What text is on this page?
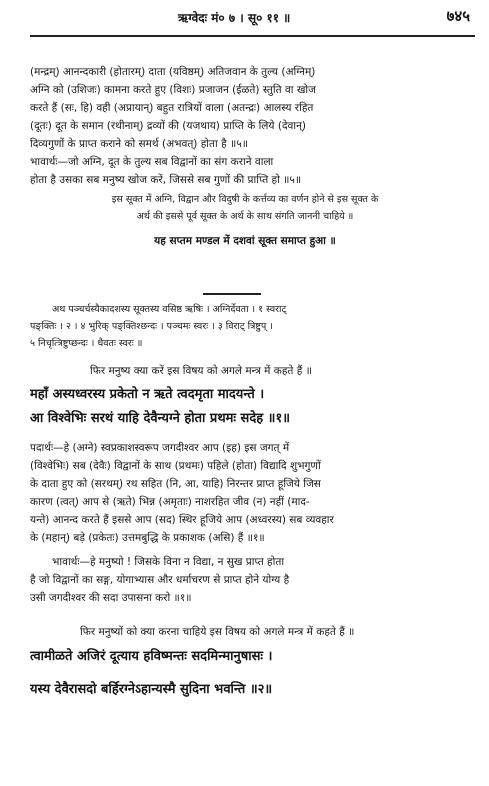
ऋग्वेदः मं० ७ । सू० ११ ॥	७४५
(मन्द्रम्) आनन्दकारी (होतारम्) दाता (यविष्ठम्) अतिजवान के तुल्य (अग्निम्)
अग्नि को (उशिजः) कामना करते हुए (विशः) प्रजाजन (ईळते) स्तुति वा खोज
करते हैं (सः, हि) वही (अप्रायान्) बहुत रात्रियों वाला (अतन्द्रः) आलस्य रहित
(दूतः) दूत के समान (रथीनाम्) द्रव्यों की (यजथाय) प्राप्ति के लिये (देवान्)
दिव्यगुणों के प्राप्त कराने को समर्थ (अभवत्) होता है ॥५॥
भावार्थः—जो अग्नि, दूत के तुल्य सब विद्वानों का संग कराने वाला
होता है उसका सब मनुष्य खोज करें, जिससे सब गुणों की प्राप्ति हो ॥५॥
इस सूक्त में अग्नि, विद्वान और विदुषी के कर्त्तव्य का वर्णन होने से इस सूक्त के
अर्थ की इससे पूर्व सूक्त के अर्थ के साथ संगति जाननी चाहिये ॥
यह सप्तम मण्डल में दशवां सूक्त समाप्त हुआ ॥
अथ पञ्चर्चस्यैकादशस्य सूक्तस्य वसिष्ठ ऋषिः । अग्निर्देवता । १ स्वराट्
पङ्क्तिः । २ । ४ भुरिक् पङ्क्तिश्छन्दः । पञ्चमः स्वरः । ३ विराट् त्रिष्टुप् ।
५ निचृत्त्रिष्टुप्छन्दः । धैवतः स्वरः ॥
फिर मनुष्य क्या करें इस विषय को अगले मन्त्र में कहते हैं ॥
महाँ अस्यध्वरस्य प्रकेतो न ऋते त्वदमृता मादयन्ते ।
आ विश्वेभिः सरथं याहि देवैन्यग्ने होता प्रथमः सदेह ॥१॥
पदार्थः—हे (अग्ने) स्वप्रकाशस्वरूप जगदीश्वर आप (इह) इस जगत् में
(विश्वेभिः) सब (देवैः) विद्वानों के साथ (प्रथमः) पहिले (होता) विद्यादि शुभगुणों
के दाता हुए को (सरथम्) रथ सहित (नि, आ, याहि) निरन्तर प्राप्त हूजिये जिस
कारण (त्वत्) आप से (ऋते) भिन्न (अमृताः) नाशरहित जीव (न) नहीं (माद-
यन्ते) आनन्द करते हैं इससे आप (सद) स्थिर हूजिये आप (अध्वरस्य) सब व्यवहार
के (महान्) बड़े (प्रकेतः) उत्तमबुद्धि के प्रकाशक (असि) हैं ॥१॥
भावार्थः—हे मनुष्यो ! जिसके विना न विद्या, न सुख प्राप्त होता
है जो विद्वानों का सङ्ग, योगाभ्यास और धर्माचरण से प्राप्त होने योग्य है
उसी जगदीश्वर की सदा उपासना करो ॥१॥
फिर मनुष्यों को क्या करना चाहिये इस विषय को अगले मन्त्र में कहते हैं ॥
त्वामीळते अजिरं दूत्याय हविष्मन्तः सदमिन्मानुषासः ।
यस्य देवैरासदो बर्हिरग्नेऽहान्यस्मै सुदिना भवन्ति ॥२॥
